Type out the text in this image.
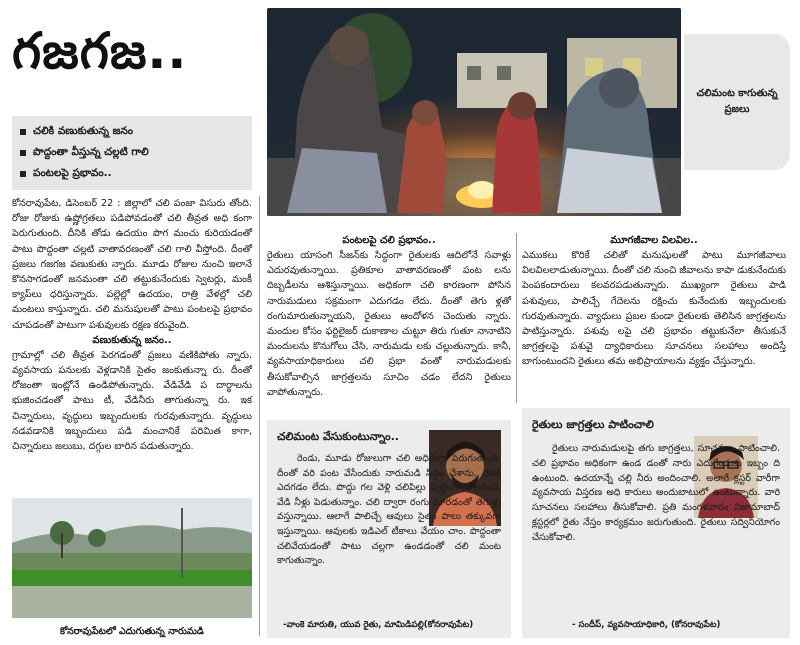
గజగజ..
చలికి వణుకుతున్న జనం
పొద్దంతా వీస్తున్న చల్లటి గాలి
పంటలపై ప్రభావం..
చలిమంట కాగుతున్న ప్రజలు

కోనరావుపేట, డిసెంబర్ 22 : జిల్లాలో చలి పంజా విసురు తోంది. రోజు రోజుకు ఉష్ణోగ్రతలు పడిపోవడంతో చలి తీవ్రత అధి కంగా పెరుగుతుంది. దీనికి తోడు ఉదయం పొగ మంచు కురియడంతో పాటు పొద్దంతా చల్లటి వాతావరణంతో చలి గాలి వీస్తోంది. దీంతో ప్రజలు గజగజ వణుకుతు న్నారు. మూడు రోజుల నుంచి ఇలానే కొనసాగడంతో జనమంతా చలి తట్టుకునేందుకు స్వెటర్లు, మంకీ క్యాప్‌లు ధరిస్తున్నారు. పల్లెల్లో ఉదయం, రాత్రి వేళల్లో చలి మంటలు కాస్తున్నారు. చలి మనుషులతో పాటు పంటలపై ప్రభావం చూపడంతో పాటుగా పశువులకు రక్షణ కరువైంది.

వణుకుతున్న జనం..

గ్రామాల్లో చలి తీవ్రత పెరగడంతో ప్రజలు వణికిపోతు న్నారు. వ్యవసాయ పనులకు వెళ్లడానికి సైతం జంకుతున్నా రు. దీంతో రోజంతా ఇంట్లోనే ఉండిపోతున్నారు. వేడివేడి ప దార్థాలను భుజించడంతో పాటు టీ, వేడినీరు తాగుతున్నా రు. ఇక చిన్నారులు, వృద్ధులు ఇబ్బందులకు గురవుతున్నారు. వృద్ధులు నడవడానికి ఇబ్బందులు పడి మంచానికే పరిమిత కాగా, చిన్నారులు జలుబు, దగ్గుల బారిన పడుతున్నారు.

కోనరావుపేటలో ఎదుగుతున్న నారుమడి
పంటలపై చలి ప్రభావం..

రైతులు యాసంగి సీజన్‌కు సిద్ధంగా రైతులకు ఆదిలోనే సవాళ్లు ఎదురవుతున్నాయి. ప్రతికూల వాతావరణంతో పంట లను దిబ్బడీలను ఆశిస్తున్నాయి. అధికంగా చలి కారణంగా పోసిన నారుమడులు సక్రమంగా ఎదుగడం లేదు. దీంతో తెగు ళ్లతో రంగుమారుతున్నాయని, రైతులు ఆందోళన చెందుతు న్నారు. మందుల కోసం ఫర్టిలైజర్ దుకాణాల చుట్టూ తిరు గుతూ నానాటిని మందులను కొనుగోలు చేసి, నారుమడు లకు చల్లుతున్నారు. కానీ, వ్యవసాయాధికారులు చలి ప్రభా వంతో నారుమడులకు తీసుకోవాల్సిన జాగ్రత్తలను సూచిం చడం లేదని రైతులు వాపోతున్నారు.

మూగజీవాల విలవిల..

ఎముకలు కొరికే చలితో మనుషులతో పాటు మూగజీవాలు విలవిలలాడుతున్నాయి. దీంతో చలి నుంచి జీవాలను కాపా డుకునేందుకు పెంపకందారులు కలవరపడుతున్నారు. ముఖ్యంగా రైతులు పాడి పశువులు, పాలిచ్చే గేదెలను రక్షించు కునేందుకు ఇబ్బందులకు గురవుతున్నారు. వ్యాధులు ప్రబల కుండా రైతులకు తెలిసిన జాగ్రత్తలను పాటిస్తున్నారు. పశువు లపై చలి ప్రభావం తట్టుకునేలా తీసుకునే జాగ్రత్తలపై పశువై ద్యాధికారులు సూచనలు సలహాలు అందిస్తే బాగుంటుందని రైతులు తమ అభిప్రాయాలను వ్యక్తం చేస్తున్నారు.

చలిమంట వేసుకుంటున్నాం..

రెండు, మూడు రోజులుగా చలి అధికంగా పెరుగుతుంది. దీంతో వరి పంట వేసేందుకు నారుమడి సిద్ధం చేశాను, చలికి ఎదగడం లేదు. పొద్దు గల వెళ్లి చలిపిల్లు పుట్టింగా తొలగించి, వేడి నీళ్లు పెడుతున్నాం. చలి ద్వారా రంగు మారడంతో తెగుళ్లు వస్తున్నాయి. ఆలాగే పాలిచ్చే ఆవులు సైతం పాలు తక్కువగా ఇస్తున్నాయి. ఆవులకు ఇడిఎల్ టీకాలు వేయం చాం. పొద్దంతా చలివేయడంతో పాటు చల్లగా ఉండడంతో చలి మంట కాగుతున్నాం.

-వాంకె మారుతి, యువ రైతు, మామిడిపల్లి(కోనరావుపేట)
రైతులు జాగ్రత్తలు పాటించాలి

రైతులు నారుమడులపై తగు జాగ్రత్తలు, సూచనలు పాటించాలి. చలి ప్రభావం అధికంగా ఉండ డంతో నారు ఎదుగేందుకు ఇబ్బం ది ఉంటుంది. ఉదయాన్నే చల్లి నీరు అందించాలి. అలాగే క్లస్టర్ వారీగా వ్యవసాయ విస్తరణ అధి కారులు అందుబాటులో ఉంటున్నారు. వారి సూచనలు సలహాలు తీసుకోవాలి. ప్రతి మంగళవారం నిజామాబాద్ క్లస్టర్లలో రైతు నేస్తం కార్యక్రమం జరుగుతుంది. రైతులు సద్వినియోగం చేసుకోవాలి.

- సందీప్, వ్యవసాయాధికారి, (కోనరావుపేట)
